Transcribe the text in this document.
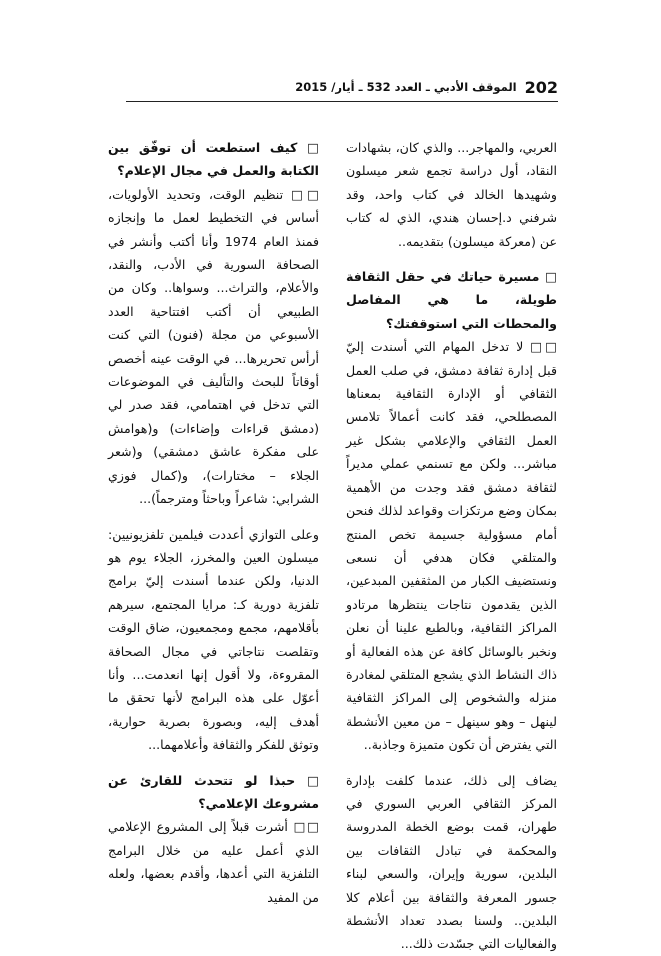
الموقف الأدبي ـ العدد 532 ـ أيار/ 2015 202

العربي، والمهاجر... والذي كان، بشهادات النقاد، أول دراسة تجمع شعر ميسلون وشهيدها الخالد في كتاب واحد، وقد شرفني د.إحسان هندي، الذي له كتاب عن (معركة ميسلون) بتقديمه..

□ مسيرة حياتك في حقل الثقافة طويلة، ما هي المفاصل والمحطات التي استوقفتك؟

□□ لا تدخل المهام التي أسندت إليّ قبل إدارة ثقافة دمشق، في صلب العمل الثقافي أو الإدارة الثقافية بمعناها المصطلحي، فقد كانت أعمالاً تلامس العمل الثقافي والإعلامي بشكل غير مباشر... ولكن مع تسنمي عملي مديراً لثقافة دمشق فقد وجدت من الأهمية بمكان وضع مرتكزات وقواعد لذلك فنحن أمام مسؤولية جسيمة تخص المنتج والمتلقي فكان هدفي أن نسعى ونستضيف الكبار من المثقفين المبدعين، الذين يقدمون نتاجات ينتظرها مرتادو المراكز الثقافية، وبالطبع علينا أن نعلن ونخبر بالوسائل كافة عن هذه الفعالية أو ذاك النشاط الذي يشجع المتلقي لمغادرة منزله والشخوص إلى المراكز الثقافية لينهل – وهو سينهل – من معين الأنشطة التي يفترض أن تكون متميزة وجاذبة..

يضاف إلى ذلك، عندما كلفت بإدارة المركز الثقافي العربي السوري في طهران، قمت بوضع الخطة المدروسة والمحكمة في تبادل الثقافات بين البلدين، سورية وإيران، والسعي لبناء جسور المعرفة والثقافة بين أعلام كلا البلدين.. ولسنا بصدد تعداد الأنشطة والفعاليات التي جسّدت ذلك...

□ كيف استطعت أن توفّق بين الكتابة والعمل في مجال الإعلام؟

□□ تنظيم الوقت، وتحديد الأولويات، أساس في التخطيط لعمل ما وإنجازه فمنذ العام 1974 وأنا أكتب وأنشر في الصحافة السورية في الأدب، والنقد، والأعلام، والتراث... وسواها.. وكان من الطبيعي أن أكتب افتتاحية العدد الأسبوعي من مجلة (فنون) التي كنت أرأس تحريرها... في الوقت عينه أخصص أوقاتاً للبحث والتأليف في الموضوعات التي تدخل في اهتمامي، فقد صدر لي (دمشق قراءات وإضاءات) و(هوامش على مفكرة عاشق دمشقي) و(شعر الجلاء – مختارات)، و(كمال فوزي الشرابي: شاعراً وباحثاً ومترجماً)...

وعلى التوازي أعددت فيلمين تلفزيونيين: ميسلون العين والمخرز، الجلاء يوم هو الدنيا، ولكن عندما أسندت إليّ برامج تلفزية دورية كـ: مرايا المجتمع، سيرهم بأقلامهم، مجمع ومجمعيون، ضاق الوقت وتقلصت نتاجاتي في مجال الصحافة المقروءة، ولا أقول إنها انعدمت... وأنا أعوّل على هذه البرامج لأنها تحقق ما أهدف إليه، وبصورة بصرية حوارية، وتوثق للفكر والثقافة وأعلامهما...

□ حبذا لو تتحدث للقارئ عن مشروعك الإعلامي؟

□□ أشرت قبلاً إلى المشروع الإعلامي الذي أعمل عليه من خلال البرامج التلفزية التي أعدها، وأقدم بعضها، ولعله من المفيد
